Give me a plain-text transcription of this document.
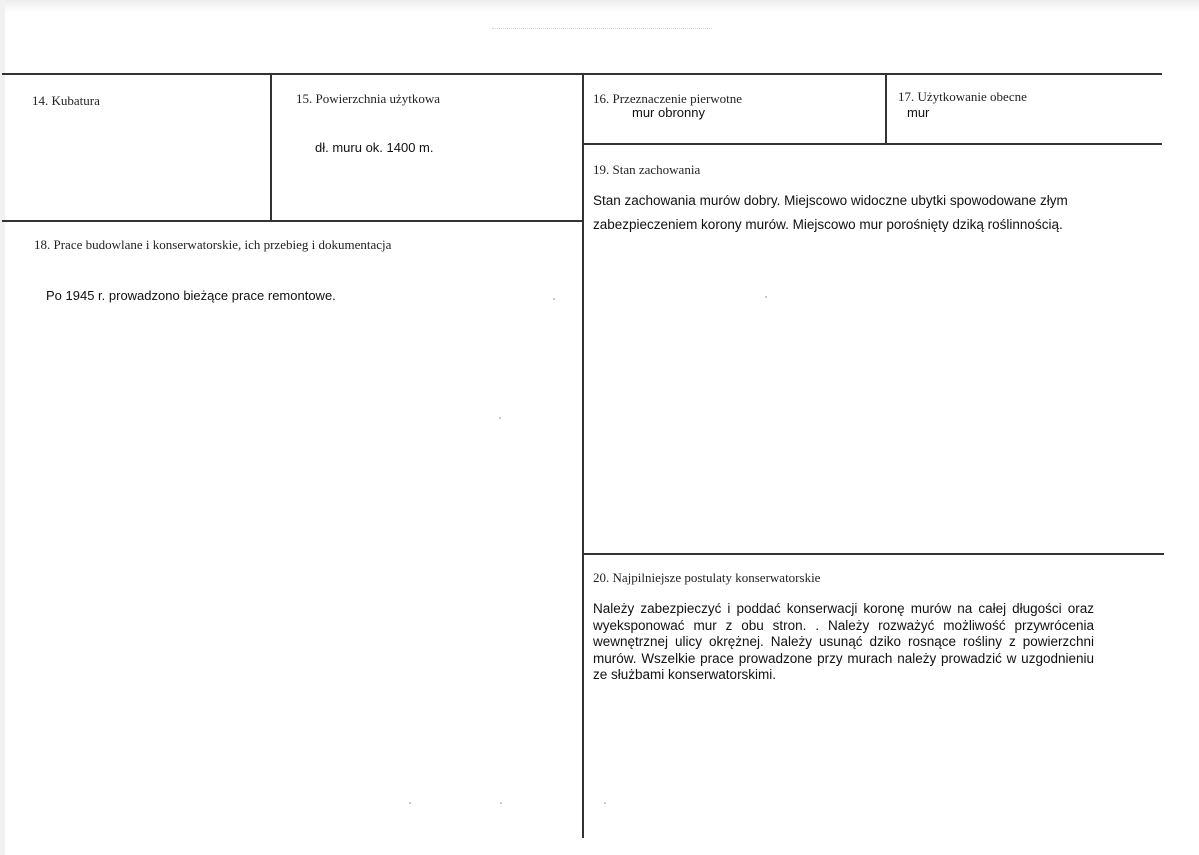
14. Kubatura	15. Powierzchnia użytkowa
dł. muru ok. 1400 m.
16. Przeznaczenie pierwotne
mur obronny
17. Użytkowanie obecne
mur
18. Prace budowlane i konserwatorskie, ich przebieg i dokumentacja
Po 1945 r. prowadzono bieżące prace remontowe.
19. Stan zachowania
Stan zachowania murów dobry. Miejscowo widoczne ubytki spowodowane złym zabezpieczeniem korony murów. Miejscowo mur porośnięty dziką roślinnością.
20. Najpilniejsze postulaty konserwatorskie
Należy zabezpieczyć i poddać konserwacji koronę murów na całej długości oraz wyeksponować mur z obu stron. . Należy rozważyć możliwość przywrócenia wewnętrznej ulicy okrężnej. Należy usunąć dziko rosnące rośliny z powierzchni murów. Wszelkie prace prowadzone przy murach należy prowadzić w uzgodnieniu ze służbami konserwatorskimi.
